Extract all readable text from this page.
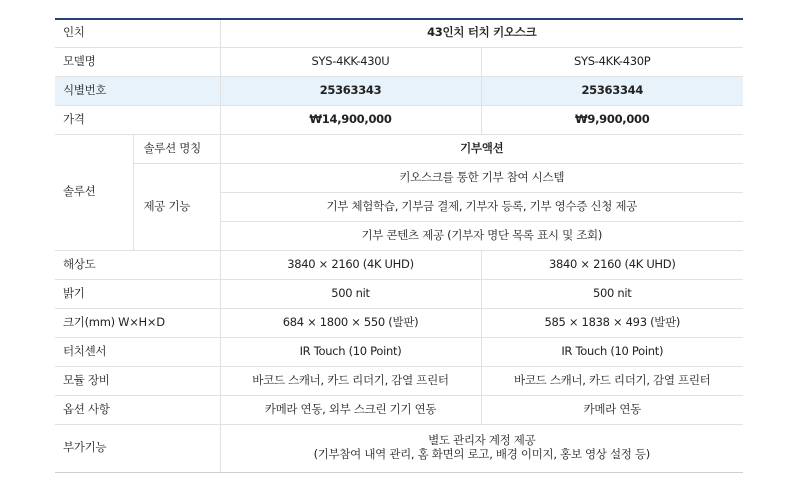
인치		43인치 터치 키오스크	
모델명		SYS-4KK-430U	SYS-4KK-430P
식별번호		25363343	25363344
가격		₩14,900,000	₩9,900,000
솔루션	솔루션 명칭	기부액션	
	제공 기능	키오스크를 통한 기부 참여 시스템	
		기부 체험학습, 기부금 결제, 기부자 등록, 기부 영수증 신청 제공	
		기부 콘텐츠 제공 (기부자 명단 목록 표시 및 조회)	
해상도		3840 × 2160 (4K UHD)	3840 × 2160 (4K UHD)
밝기		500 nit	500 nit
크기(mm) W×H×D		684 × 1800 × 550 (발판)	585 × 1838 × 493 (발판)
터치센서		IR Touch (10 Point)	IR Touch (10 Point)
모듈 장비		바코드 스캐너, 카드 리더기, 감열 프린터	바코드 스캐너, 카드 리더기, 감열 프린터
옵션 사항		카메라 연동, 외부 스크린 기기 연동	카메라 연동
부가기능		별도 관리자 계정 제공
(기부참여 내역 관리, 홈 화면의 로고, 배경 이미지, 홍보 영상 설정 등)	
